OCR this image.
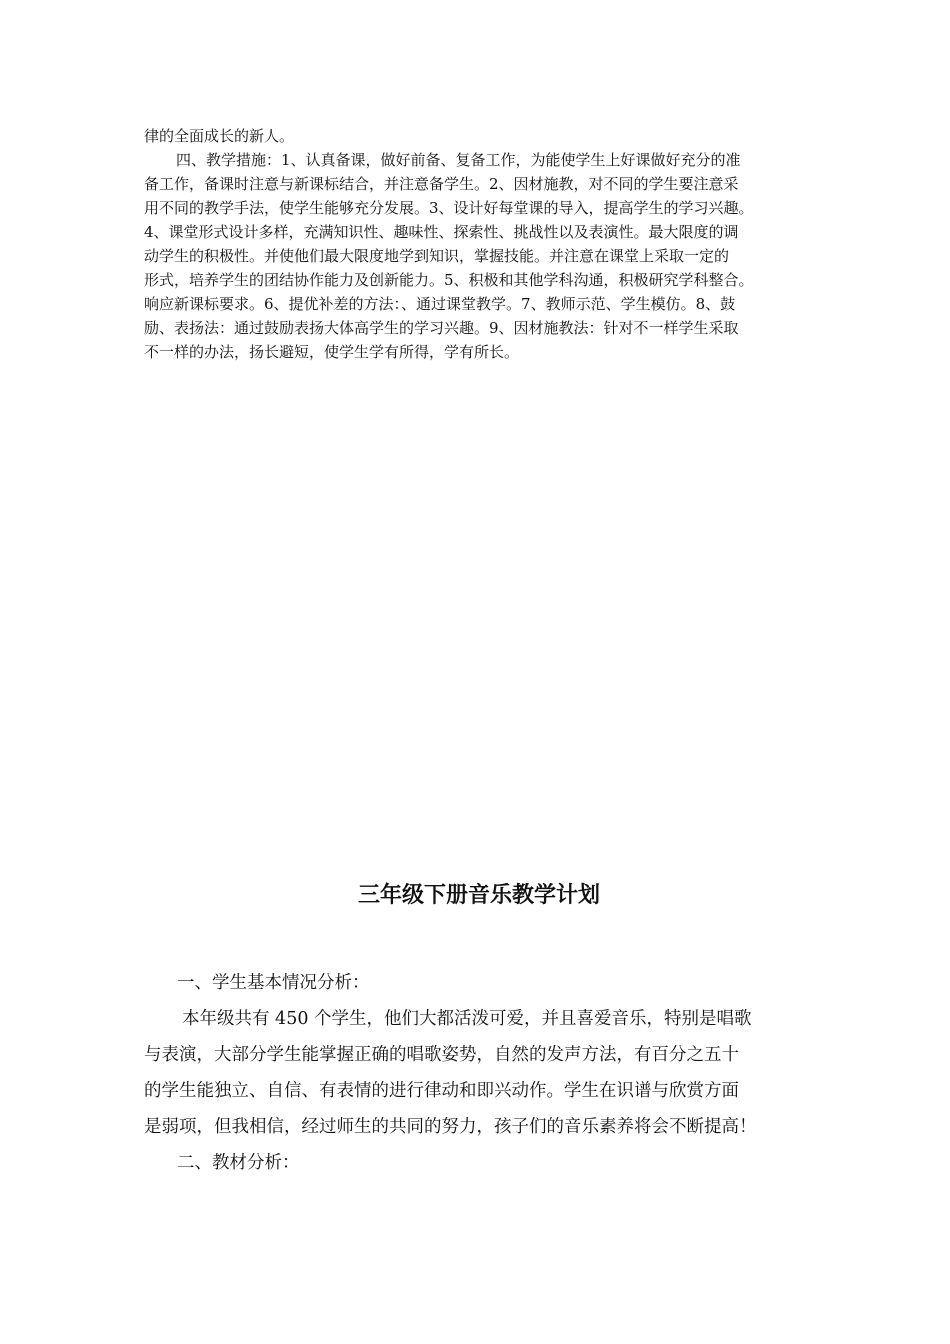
律的全面成长的新人。
四、教学措施：1、认真备课，做好前备、复备工作，为能使学生上好课做好充分的准
备工作，备课时注意与新课标结合，并注意备学生。2、因材施教，对不同的学生要注意采
用不同的教学手法，使学生能够充分发展。3、设计好每堂课的导入，提高学生的学习兴趣。
4、课堂形式设计多样，充满知识性、趣味性、探索性、挑战性以及表演性。最大限度的调
动学生的积极性。并使他们最大限度地学到知识，掌握技能。并注意在课堂上采取一定的
形式，培养学生的团结协作能力及创新能力。5、积极和其他学科沟通，积极研究学科整合。
响应新课标要求。6、提优补差的方法：、通过课堂教学。7、教师示范、学生模仿。8、鼓
励、表扬法：通过鼓励表扬大体高学生的学习兴趣。9、因材施教法：针对不一样学生采取
不一样的办法，扬长避短，使学生学有所得，学有所长。
三年级下册音乐教学计划
一、学生基本情况分析：
本年级共有 450 个学生，他们大都活泼可爱，并且喜爱音乐，特别是唱歌
与表演，大部分学生能掌握正确的唱歌姿势，自然的发声方法，有百分之五十
的学生能独立、自信、有表情的进行律动和即兴动作。学生在识谱与欣赏方面
是弱项，但我相信，经过师生的共同的努力，孩子们的音乐素养将会不断提高！
二、教材分析：
